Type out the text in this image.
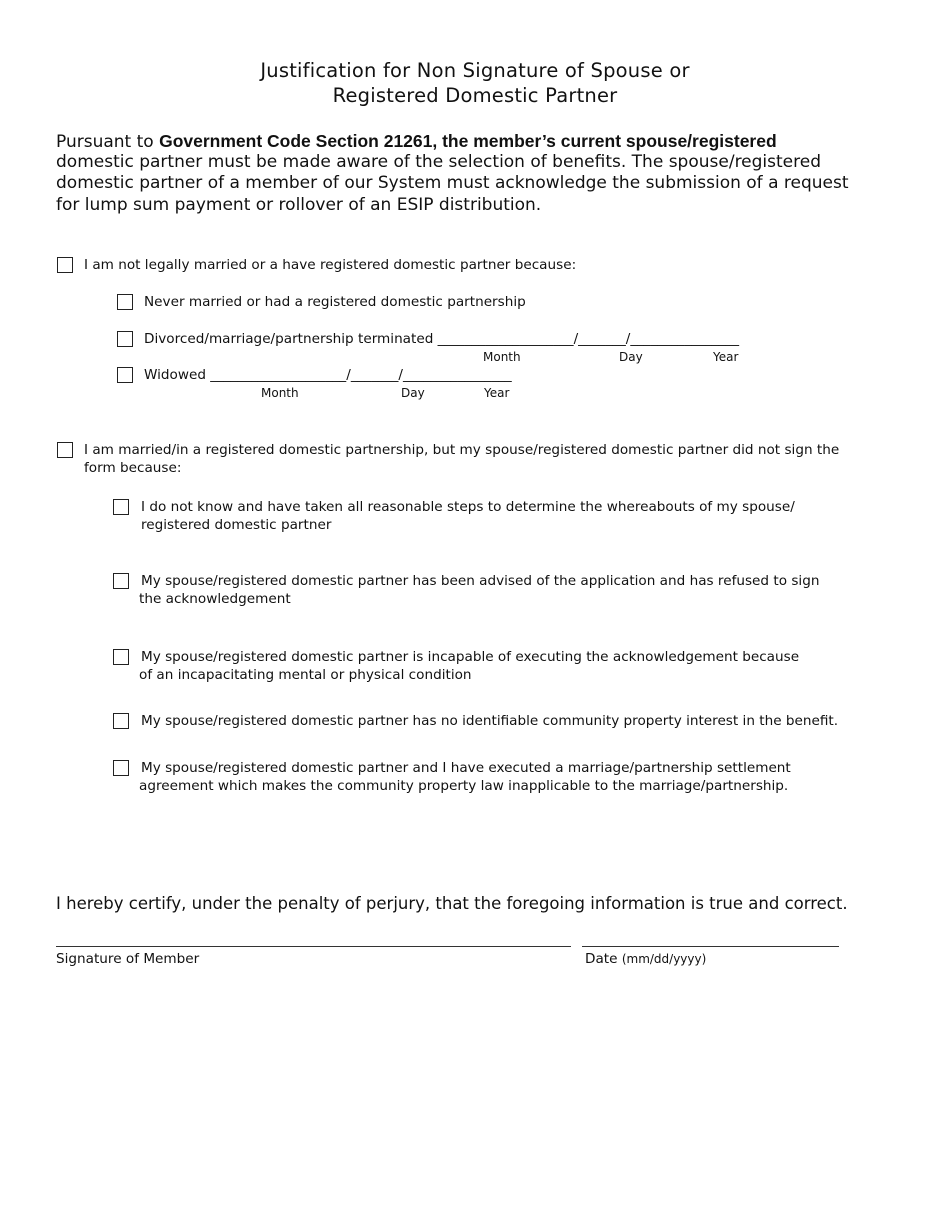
Justification for Non Signature of Spouse or
Registered Domestic Partner
Pursuant to Government Code Section 21261, the member’s current spouse/registered
domestic partner must be made aware of the selection of benefits. The spouse/registered
domestic partner of a member of our System must acknowledge the submission of a request
for lump sum payment or rollover of an ESIP distribution.
I am not legally married or a have registered domestic partner because:
Never married or had a registered domestic partnership
Divorced/marriage/partnership terminated ____________________/_______/________________
Month	Day	Year
Widowed ____________________/_______/________________
Month	Day	Year
I am married/in a registered domestic partnership, but my spouse/registered domestic partner did not sign the
form because:
I do not know and have taken all reasonable steps to determine the whereabouts of my spouse/
registered domestic partner
My spouse/registered domestic partner has been advised of the application and has refused to sign
the acknowledgement
My spouse/registered domestic partner is incapable of executing the acknowledgement because
of an incapacitating mental or physical condition
My spouse/registered domestic partner has no identifiable community property interest in the benefit.
My spouse/registered domestic partner and I have executed a marriage/partnership settlement
agreement which makes the community property law inapplicable to the marriage/partnership.
I hereby certify, under the penalty of perjury, that the foregoing information is true and correct.
Signature of Member	Date (mm/dd/yyyy)
